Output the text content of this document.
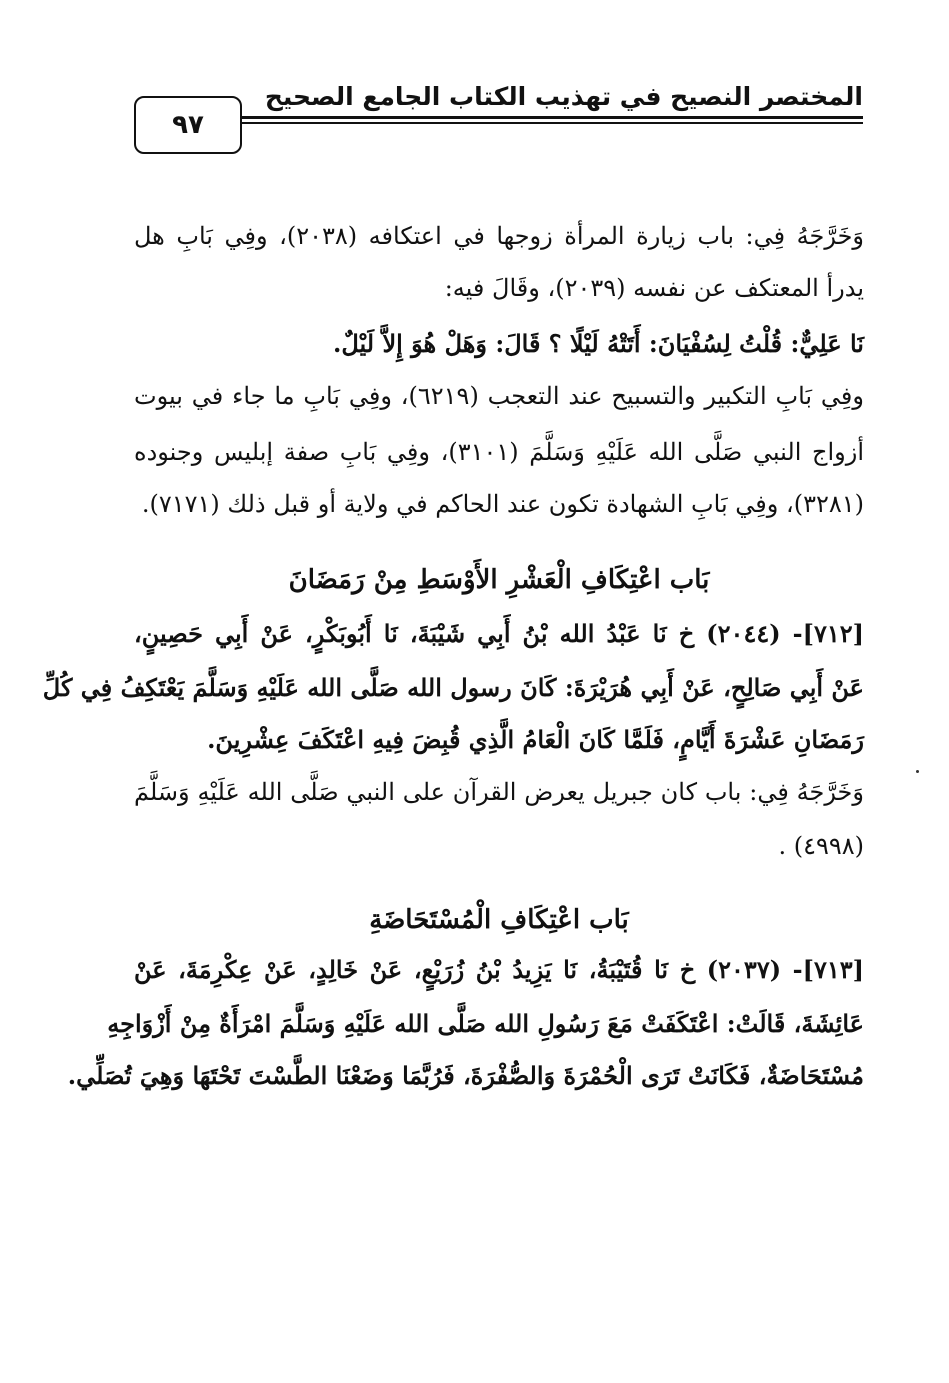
المختصر النصيح في تهذيب الكتاب الجامع الصحيح
٩٧
وَخَرَّجَهُ فِي: باب زيارة المرأة زوجها في اعتكافه (٢٠٣٨)، وفِي بَابِ هل
يدرأ المعتكف عن نفسه (٢٠٣٩)، وقَالَ فيه:
نَا عَلِيٌّ: قُلْتُ لِسُفْيَانَ: أَتَتْهُ لَيْلًا ؟ قَالَ: وَهَلْ هُوَ إِلاَّ لَيْلٌ.
وفِي بَابِ التكبير والتسبيح عند التعجب (٦٢١٩)، وفِي بَابِ ما جاء في بيوت
أزواج النبي صَلَّى الله عَلَيْهِ وَسَلَّمَ (٣١٠١)، وفِي بَابِ صفة إبليس وجنوده
(٣٢٨١)، وفِي بَابِ الشهادة تكون عند الحاكم في ولاية أو قبل ذلك (٧١٧١).
بَاب اعْتِكَافِ الْعَشْرِ الأَوْسَطِ مِنْ رَمَضَانَ
[٧١٢]- (٢٠٤٤) خ نَا عَبْدُ الله بْنُ أَبِي شَيْبَةَ، نَا أَبُوبَكْرٍ، عَنْ أَبِي حَصِينٍ،
عَنْ أَبِي صَالِحٍ، عَنْ أَبِي هُرَيْرَةَ: كَانَ رسول الله صَلَّى الله عَلَيْهِ وَسَلَّمَ يَعْتَكِفُ فِي كُلِّ
رَمَضَانِ عَشْرَةَ أَيَّامٍ، فَلَمَّا كَانَ الْعَامُ الَّذِي قُبِضَ فِيهِ اعْتَكَفَ عِشْرِينَ.
وَخَرَّجَهُ فِي: باب كان جبريل يعرض القرآن على النبي صَلَّى الله عَلَيْهِ وَسَلَّمَ
(٤٩٩٨) .
بَاب اعْتِكَافِ الْمُسْتَحَاضَةِ
[٧١٣]- (٢٠٣٧) خ نَا قُتَيْبَةُ، نَا يَزِيدُ بْنُ زُرَيْعٍ، عَنْ خَالِدٍ، عَنْ عِكْرِمَةَ، عَنْ
عَائِشَةَ، قَالَتْ: اعْتَكَفَتْ مَعَ رَسُولِ الله صَلَّى الله عَلَيْهِ وَسَلَّمَ امْرَأَةٌ مِنْ أَزْوَاجِهِ
مُسْتَحَاضَةٌ، فَكَانَتْ تَرَى الْحُمْرَةَ وَالصُّفْرَةَ، فَرُبَّمَا وَضَعْنَا الطَّسْتَ تَحْتَهَا وَهِيَ تُصَلِّي.
